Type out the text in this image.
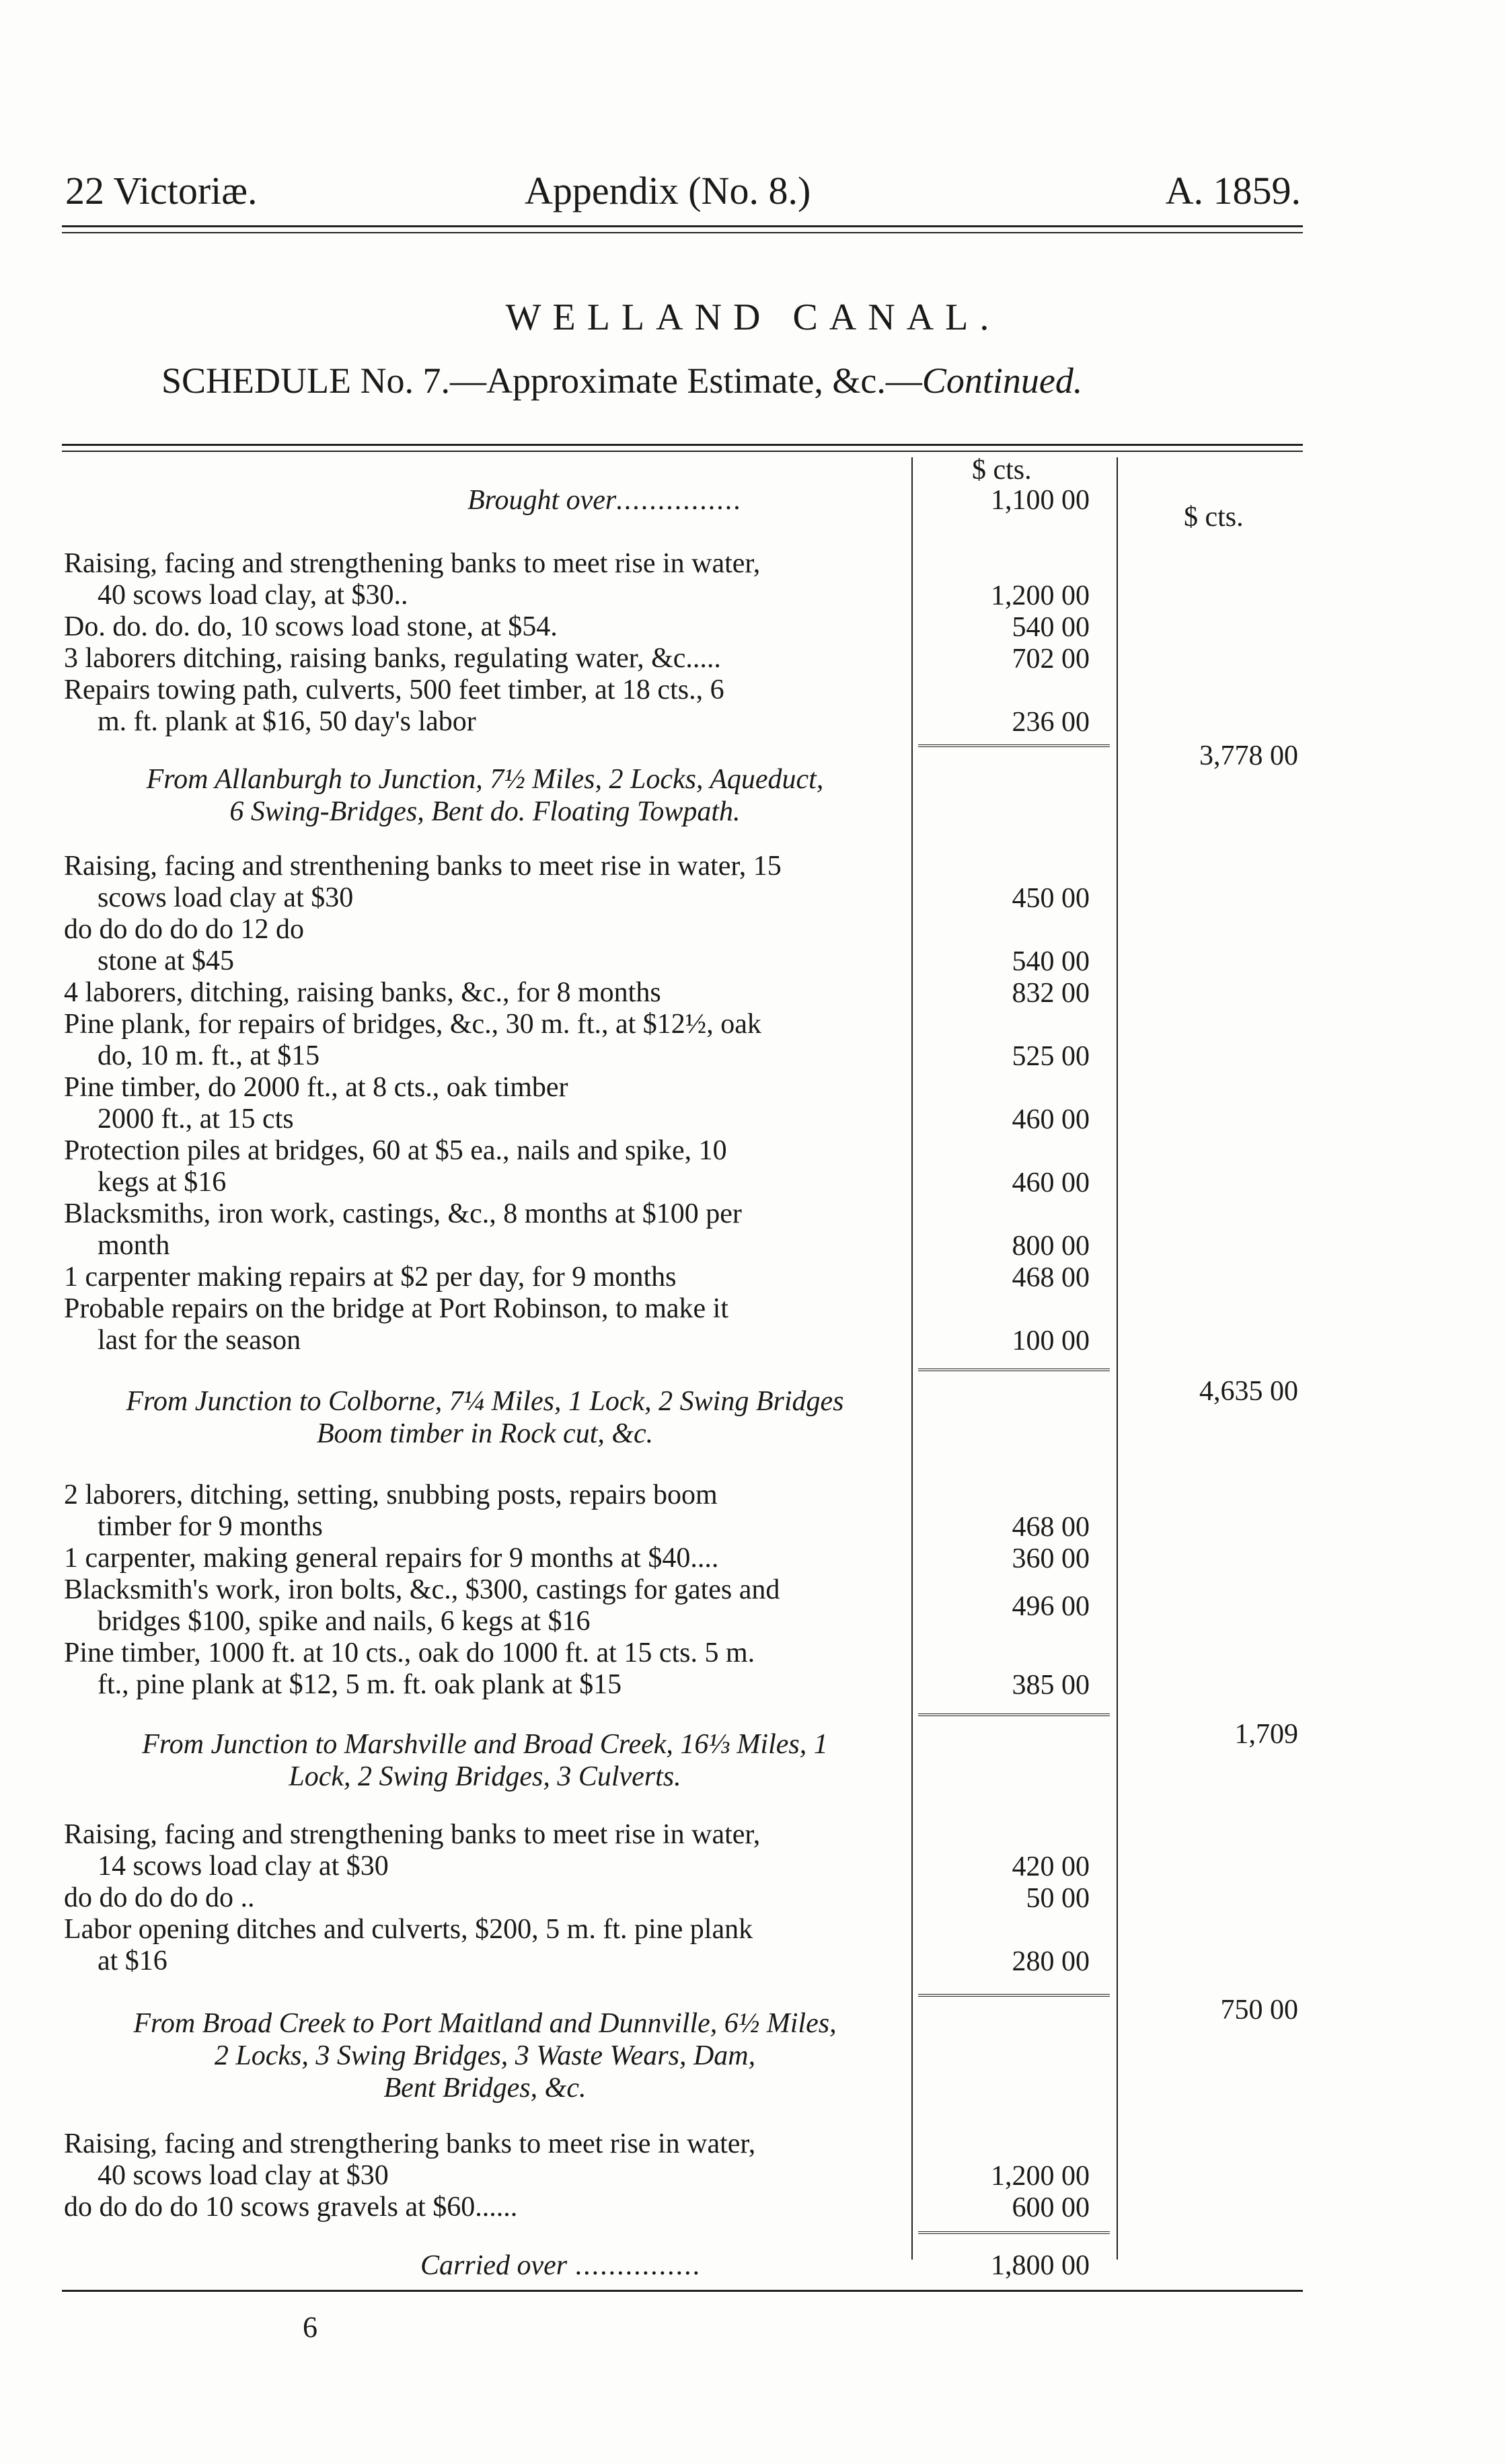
22 Victoriæ.	Appendix (No. 8.)	A. 1859.
WELLAND CANAL.
SCHEDULE No. 7.—Approximate Estimate, &c.—Continued.
$ cts.
$ cts.
Brought over...............	1,100 00
Raising, facing and strengthening banks to meet rise in water,
40 scows load clay, at $30..	1,200 00
Do. do. do. do, 10 scows load stone, at $54.	540 00
3 laborers ditching, raising banks, regulating water, &c.....	702 00
Repairs towing path, culverts, 500 feet timber, at 18 cts., 6
m. ft. plank at $16, 50 day's labor	236 00
3,778 00
From Allanburgh to Junction, 7½ Miles, 2 Locks, Aqueduct,
6 Swing-Bridges, Bent do. Floating Towpath.
Raising, facing and strenthening banks to meet rise in water, 15
scows load clay at $30	450 00
do do do do do 12 do
stone at $45	540 00
4 laborers, ditching, raising banks, &c., for 8 months	832 00
Pine plank, for repairs of bridges, &c., 30 m. ft., at $12½, oak
do, 10 m. ft., at $15	525 00
Pine timber, do 2000 ft., at 8 cts., oak timber
2000 ft., at 15 cts	460 00
Protection piles at bridges, 60 at $5 ea., nails and spike, 10
kegs at $16	460 00
Blacksmiths, iron work, castings, &c., 8 months at $100 per
month	800 00
1 carpenter making repairs at $2 per day, for 9 months	468 00
Probable repairs on the bridge at Port Robinson, to make it
last for the season	100 00
4,635 00
From Junction to Colborne, 7¼ Miles, 1 Lock, 2 Swing Bridges
Boom timber in Rock cut, &c.
2 laborers, ditching, setting, snubbing posts, repairs boom
timber for 9 months	468 00
1 carpenter, making general repairs for 9 months at $40....	360 00
Blacksmith's work, iron bolts, &c., $300, castings for gates and
bridges $100, spike and nails, 6 kegs at $16	496 00
Pine timber, 1000 ft. at 10 cts., oak do 1000 ft. at 15 cts. 5 m.
ft., pine plank at $12, 5 m. ft. oak plank at $15	385 00
1,709
From Junction to Marshville and Broad Creek, 16⅓ Miles, 1
Lock, 2 Swing Bridges, 3 Culverts.
Raising, facing and strengthening banks to meet rise in water,
14 scows load clay at $30	420 00
do do do do do ..	50 00
Labor opening ditches and culverts, $200, 5 m. ft. pine plank
at $16	280 00
750 00
From Broad Creek to Port Maitland and Dunnville, 6½ Miles,
2 Locks, 3 Swing Bridges, 3 Waste Wears, Dam,
Bent Bridges, &c.
Raising, facing and strengthering banks to meet rise in water,
40 scows load clay at $30	1,200 00
do do do do 10 scows gravels at $60......	600 00
Carried over ...............	1,800 00
6
